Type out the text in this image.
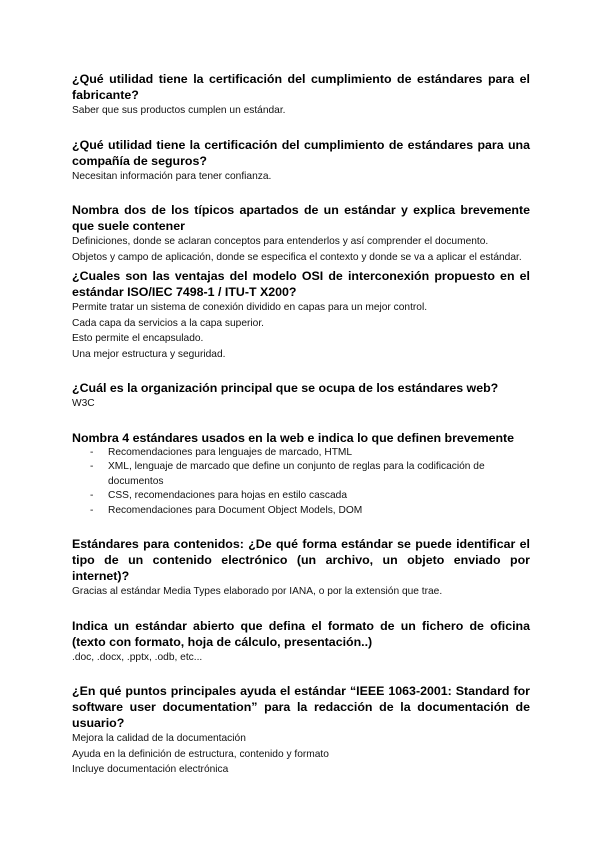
¿Qué utilidad tiene la certificación del cumplimiento de estándares para el fabricante?

Saber que sus productos cumplen un estándar.

¿Qué utilidad tiene la certificación del cumplimiento de estándares para una compañía de seguros?

Necesitan información para tener confianza.

Nombra dos de los típicos apartados de un estándar y explica brevemente que suele contener

Definiciones, donde se aclaran conceptos para entenderlos y así comprender el documento.

Objetos y campo de aplicación, donde se especifica el contexto y donde se va a aplicar el estándar.

¿Cuales son las ventajas del modelo OSI de interconexión propuesto en el estándar ISO/IEC 7498-1 / ITU-T X200?

Permite tratar un sistema de conexión dividido en capas para un mejor control.

Cada capa da servicios a la capa superior.

Esto permite el encapsulado.

Una mejor estructura y seguridad.

¿Cuál es la organización principal que se ocupa de los estándares web?

W3C

Nombra 4 estándares usados en la web e indica lo que definen brevemente

- Recomendaciones para lenguajes de marcado, HTML
- XML, lenguaje de marcado que define un conjunto de reglas para la codificación de documentos
- CSS, recomendaciones para hojas en estilo cascada
- Recomendaciones para Document Object Models, DOM

Estándares para contenidos: ¿De qué forma estándar se puede identificar el tipo de un contenido electrónico (un archivo, un objeto enviado por internet)?

Gracias al estándar Media Types elaborado por IANA, o por la extensión que trae.

Indica un estándar abierto que defina el formato de un fichero de oficina (texto con formato, hoja de cálculo, presentación..)

.doc, .docx, .pptx, .odb, etc...

¿En qué puntos principales ayuda el estándar “IEEE 1063-2001: Standard for software user documentation” para la redacción de la documentación de usuario?

Mejora la calidad de la documentación

Ayuda en la definición de estructura, contenido y formato

Incluye documentación electrónica
